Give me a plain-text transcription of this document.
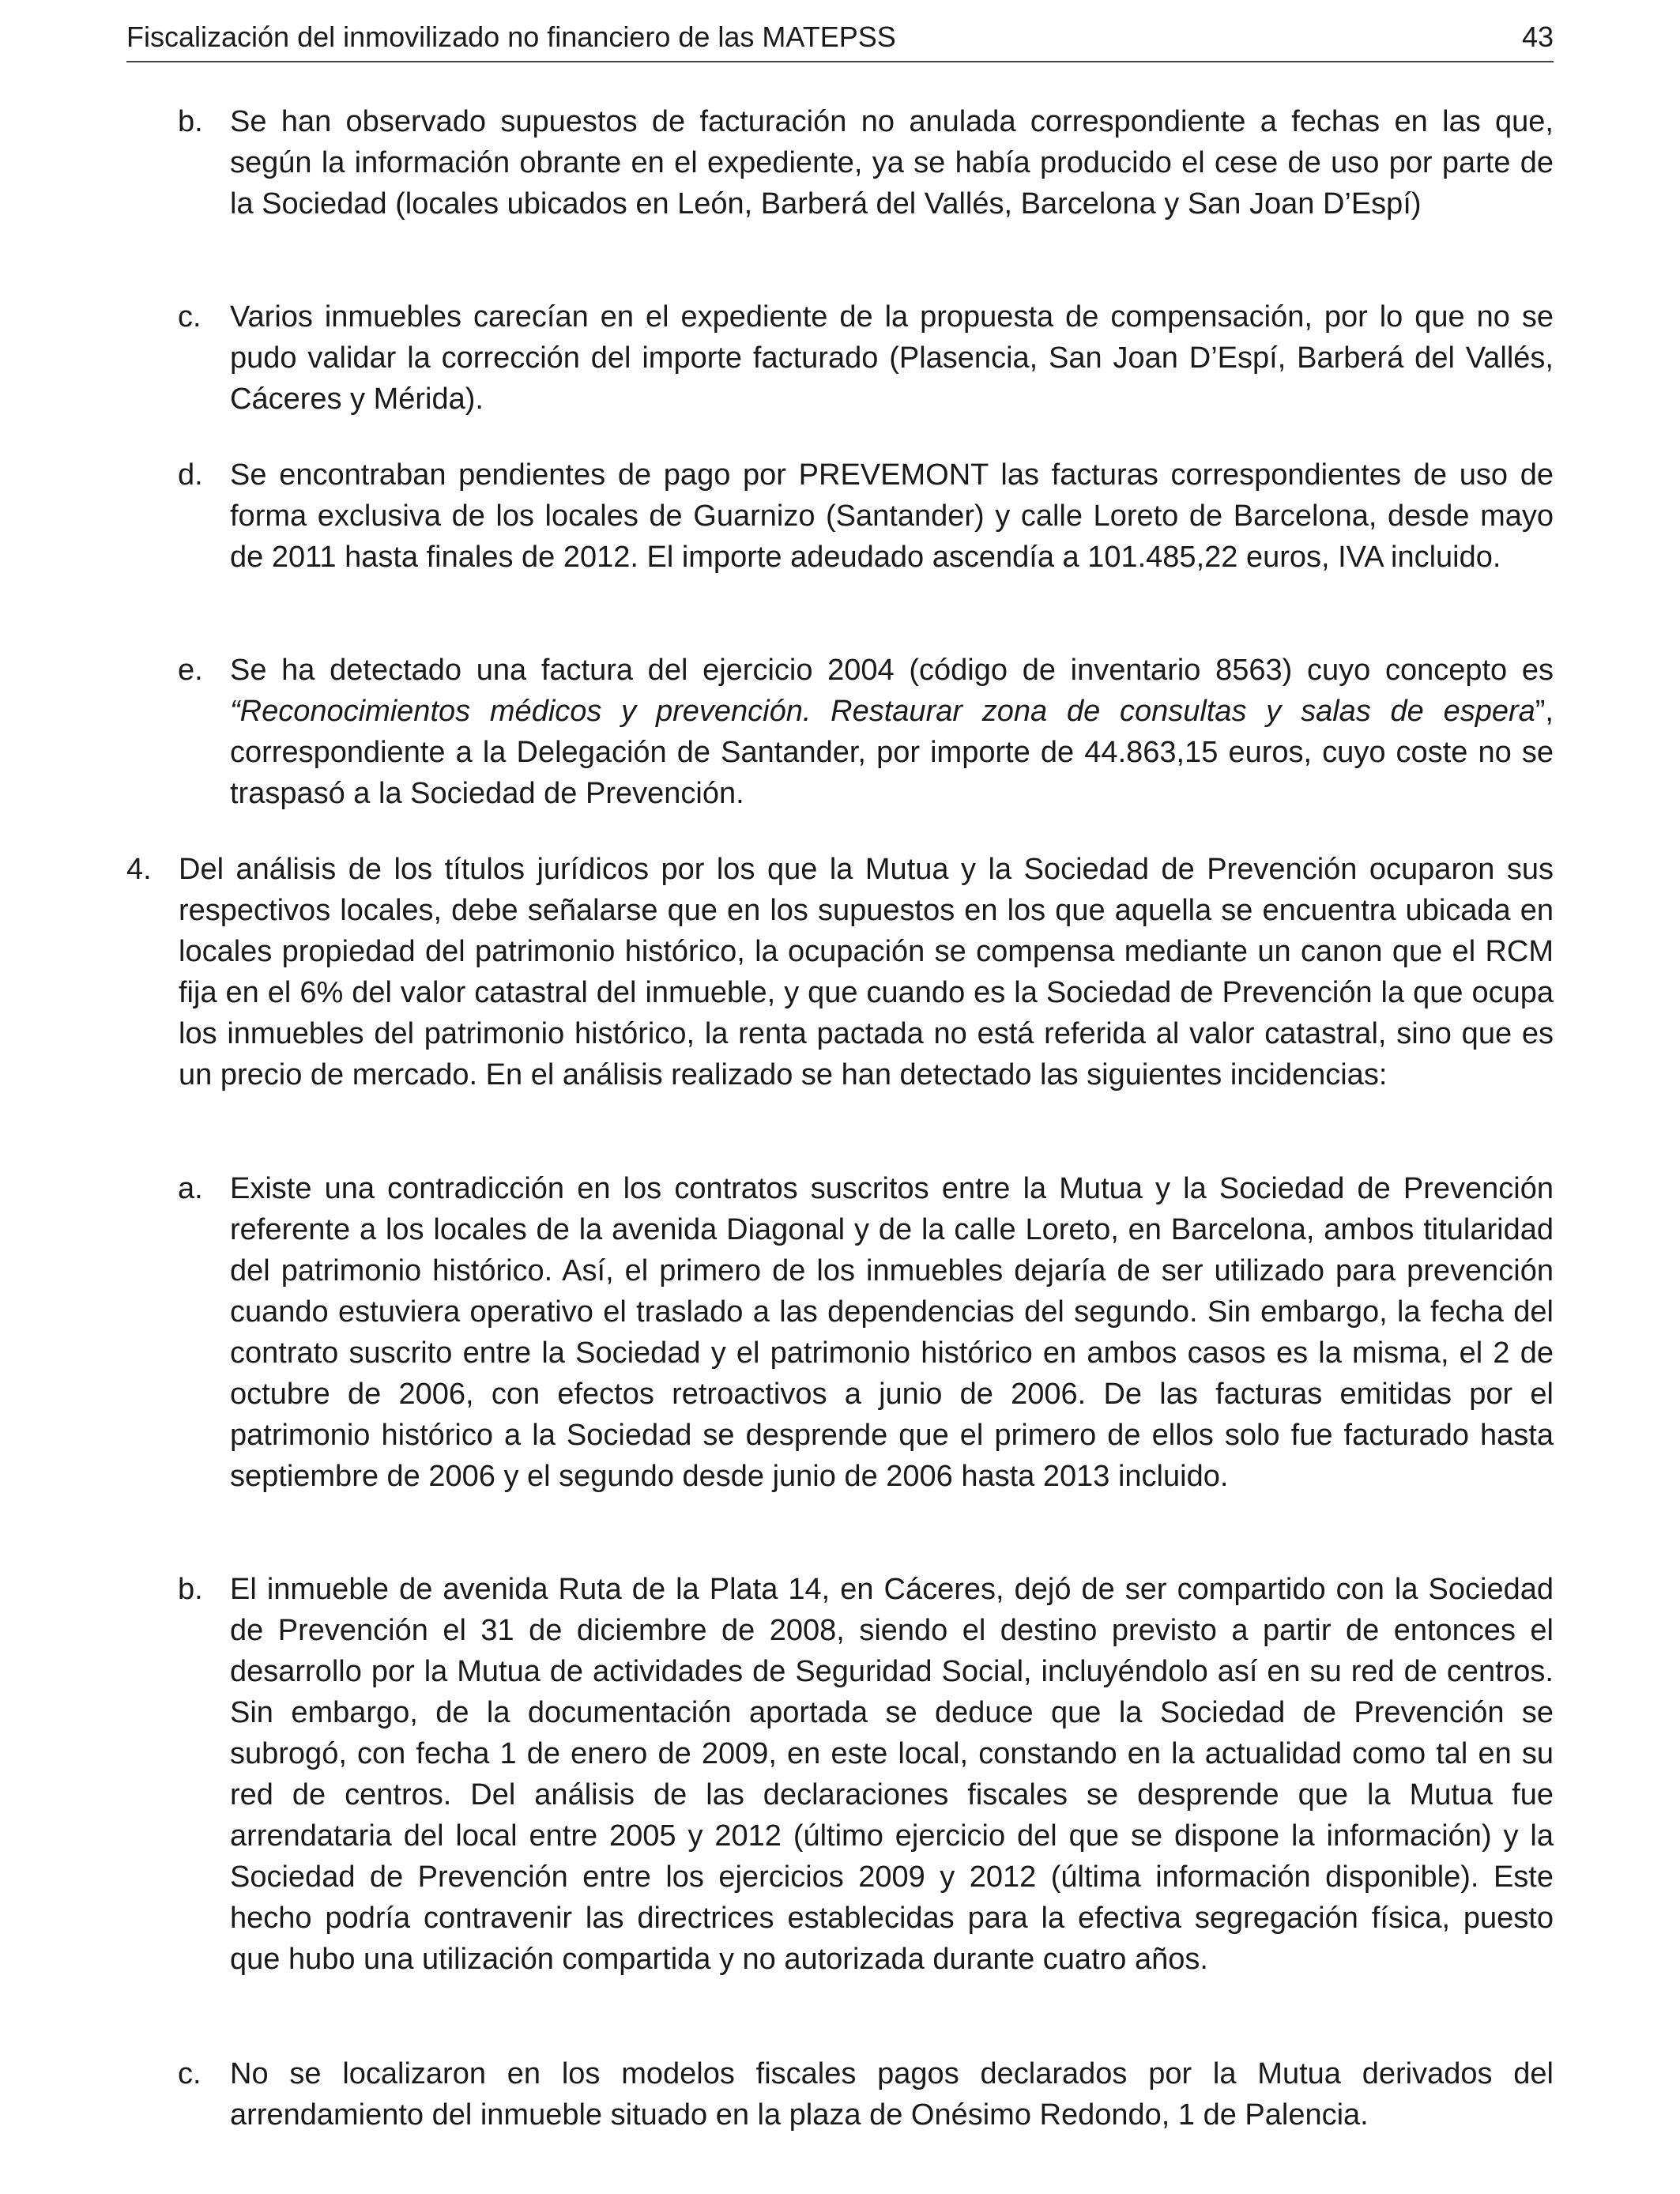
Fiscalización del inmovilizado no financiero de las MATEPSS	43
b. Se han observado supuestos de facturación no anulada correspondiente a fechas en las que, según la información obrante en el expediente, ya se había producido el cese de uso por parte de la Sociedad (locales ubicados en León, Barberá del Vallés, Barcelona y San Joan D’Espí)
c. Varios inmuebles carecían en el expediente de la propuesta de compensación, por lo que no se pudo validar la corrección del importe facturado (Plasencia, San Joan D’Espí, Barberá del Vallés, Cáceres y Mérida).
d. Se encontraban pendientes de pago por PREVEMONT las facturas correspondientes de uso de forma exclusiva de los locales de Guarnizo (Santander) y calle Loreto de Barcelona, desde mayo de 2011 hasta finales de 2012. El importe adeudado ascendía a 101.485,22 euros, IVA incluido.
e. Se ha detectado una factura del ejercicio 2004 (código de inventario 8563) cuyo concepto es “Reconocimientos médicos y prevención. Restaurar zona de consultas y salas de espera”, correspondiente a la Delegación de Santander, por importe de 44.863,15 euros, cuyo coste no se traspasó a la Sociedad de Prevención.
4. Del análisis de los títulos jurídicos por los que la Mutua y la Sociedad de Prevención ocuparon sus respectivos locales, debe señalarse que en los supuestos en los que aquella se encuentra ubicada en locales propiedad del patrimonio histórico, la ocupación se compensa mediante un canon que el RCM fija en el 6% del valor catastral del inmueble, y que cuando es la Sociedad de Prevención la que ocupa los inmuebles del patrimonio histórico, la renta pactada no está referida al valor catastral, sino que es un precio de mercado. En el análisis realizado se han detectado las siguientes incidencias:
a. Existe una contradicción en los contratos suscritos entre la Mutua y la Sociedad de Prevención referente a los locales de la avenida Diagonal y de la calle Loreto, en Barcelona, ambos titularidad del patrimonio histórico. Así, el primero de los inmuebles dejaría de ser utilizado para prevención cuando estuviera operativo el traslado a las dependencias del segundo. Sin embargo, la fecha del contrato suscrito entre la Sociedad y el patrimonio histórico en ambos casos es la misma, el 2 de octubre de 2006, con efectos retroactivos a junio de 2006. De las facturas emitidas por el patrimonio histórico a la Sociedad se desprende que el primero de ellos solo fue facturado hasta septiembre de 2006 y el segundo desde junio de 2006 hasta 2013 incluido.
b. El inmueble de avenida Ruta de la Plata 14, en Cáceres, dejó de ser compartido con la Sociedad de Prevención el 31 de diciembre de 2008, siendo el destino previsto a partir de entonces el desarrollo por la Mutua de actividades de Seguridad Social, incluyéndolo así en su red de centros. Sin embargo, de la documentación aportada se deduce que la Sociedad de Prevención se subrogó, con fecha 1 de enero de 2009, en este local, constando en la actualidad como tal en su red de centros. Del análisis de las declaraciones fiscales se desprende que la Mutua fue arrendataria del local entre 2005 y 2012 (último ejercicio del que se dispone la información) y la Sociedad de Prevención entre los ejercicios 2009 y 2012 (última información disponible). Este hecho podría contravenir las directrices establecidas para la efectiva segregación física, puesto que hubo una utilización compartida y no autorizada durante cuatro años.
c. No se localizaron en los modelos fiscales pagos declarados por la Mutua derivados del arrendamiento del inmueble situado en la plaza de Onésimo Redondo, 1 de Palencia.
